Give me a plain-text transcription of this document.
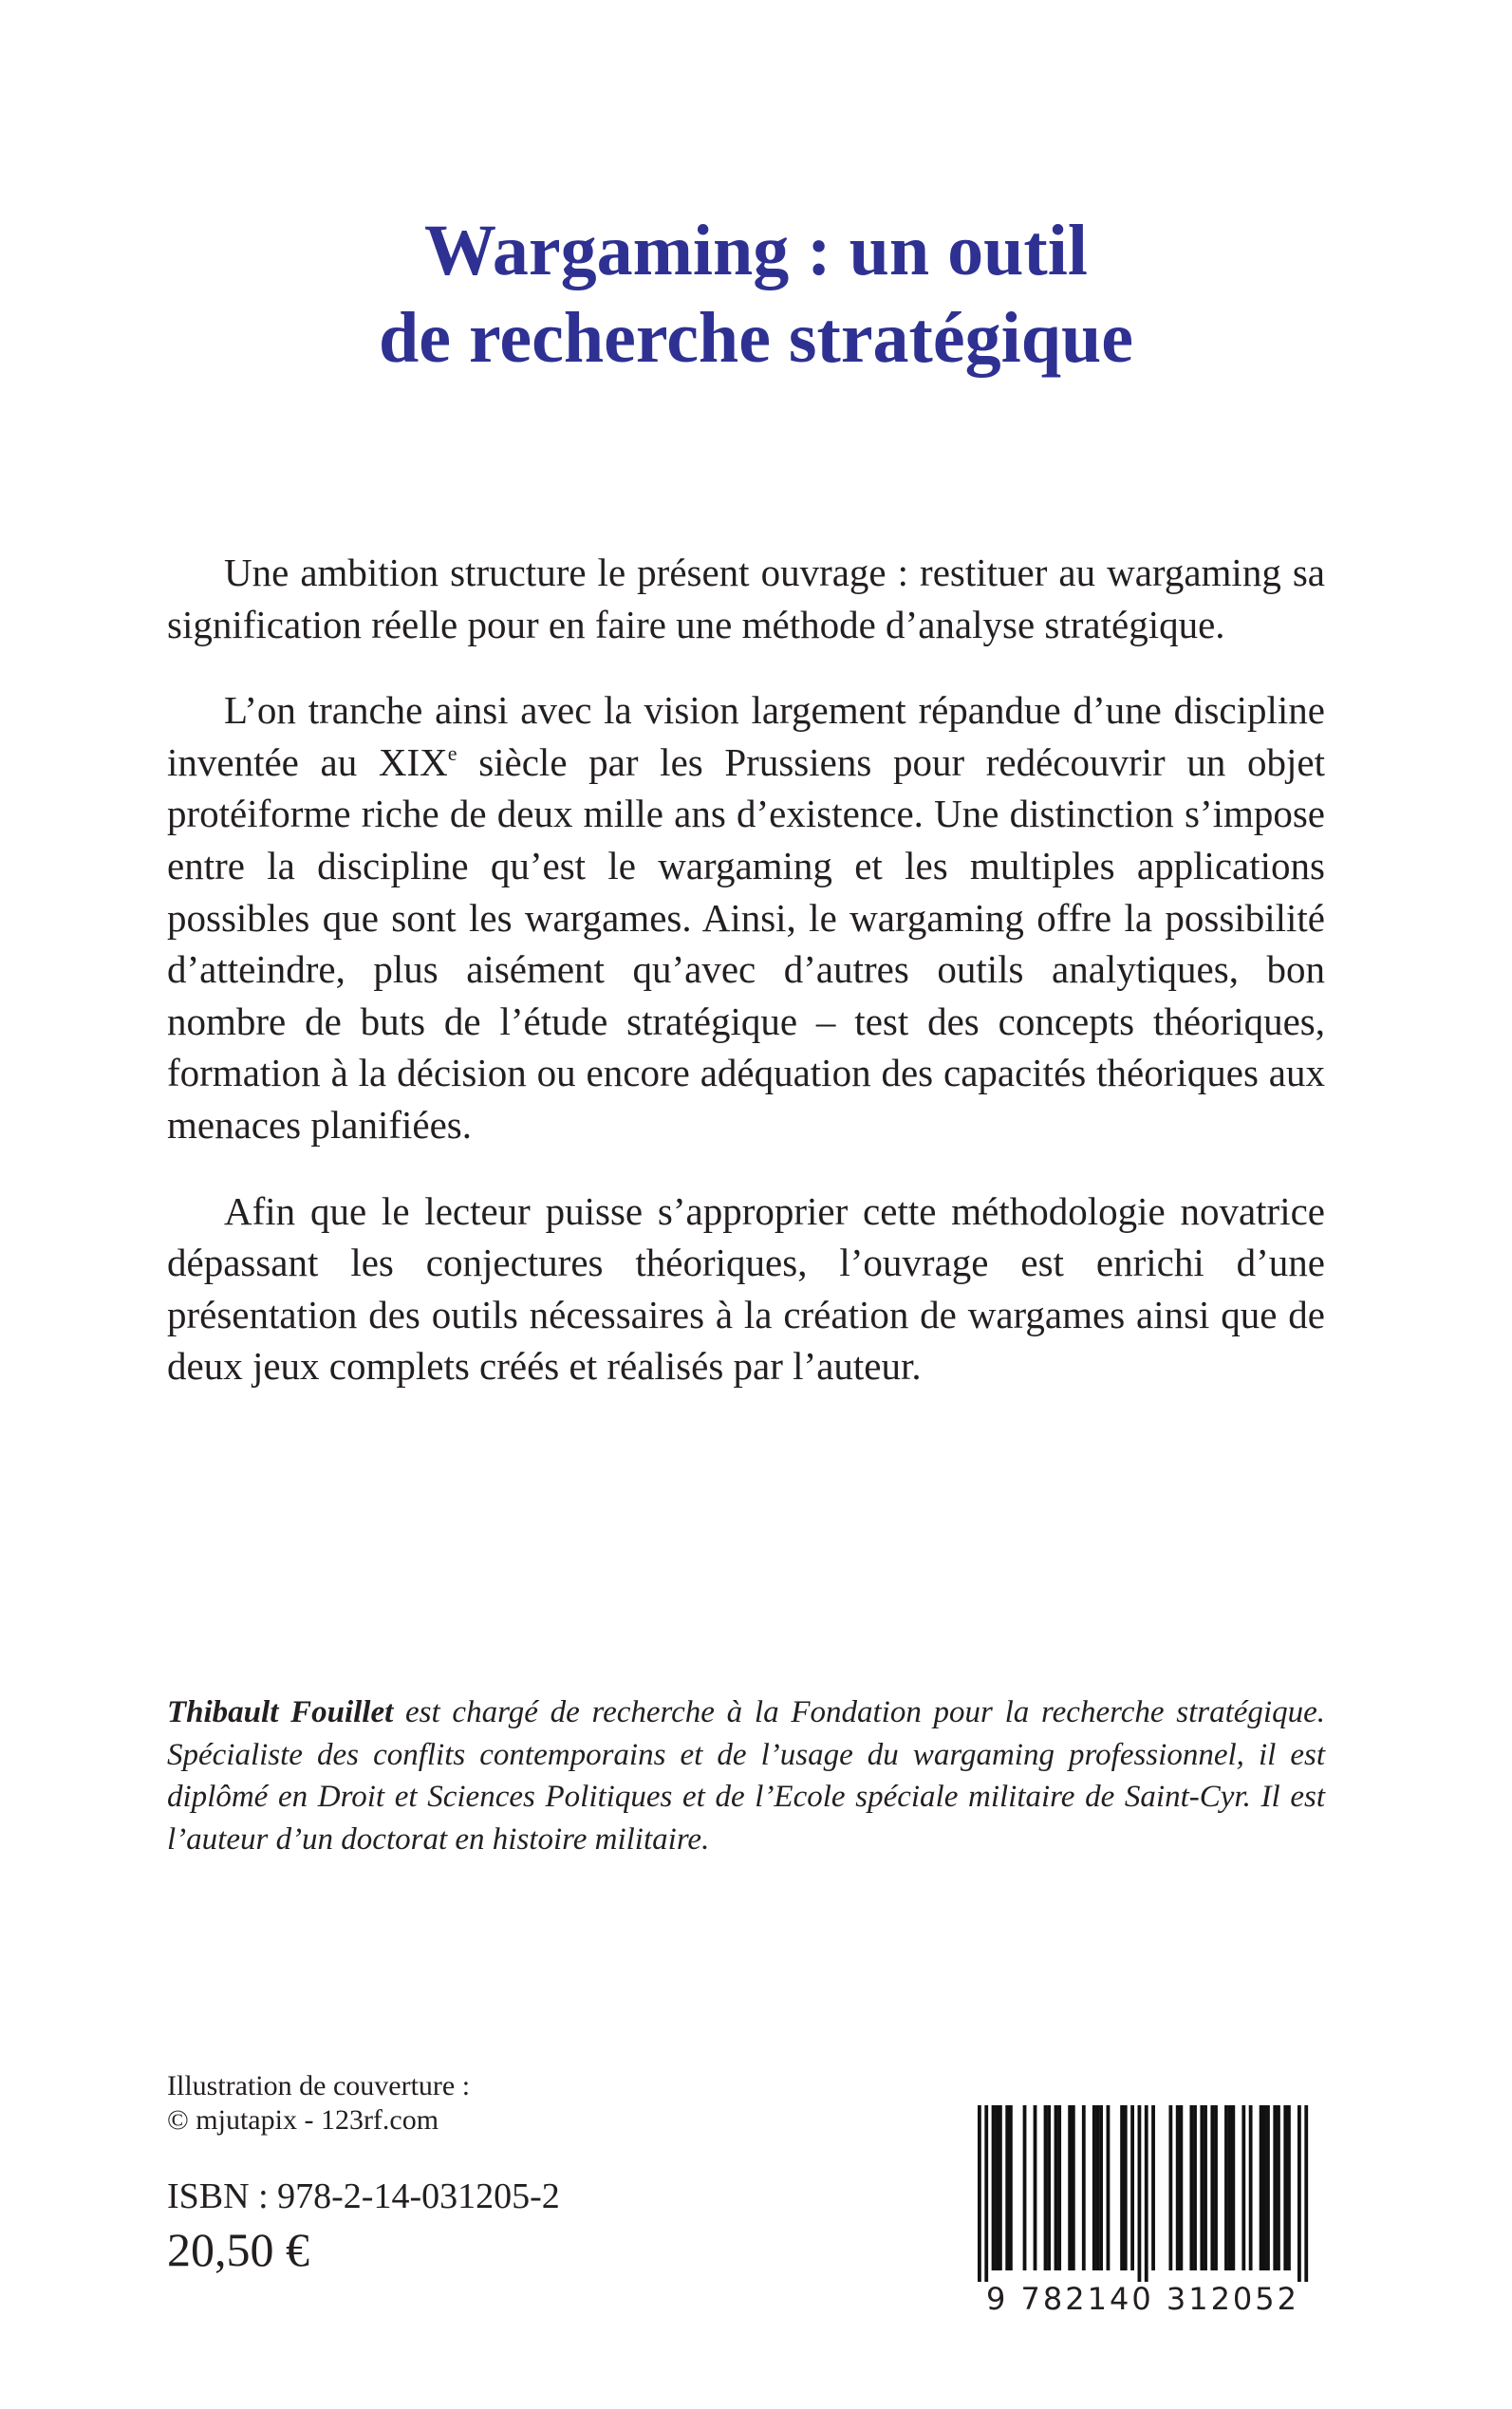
Wargaming : un outil
de recherche stratégique

Une ambition structure le présent ouvrage : restituer au wargaming sa signification réelle pour en faire une méthode d’analyse stratégique.

L’on tranche ainsi avec la vision largement répandue d’une discipline inventée au XIXe siècle par les Prussiens pour redécouvrir un objet protéiforme riche de deux mille ans d’existence. Une distinction s’impose entre la discipline qu’est le wargaming et les multiples applications possibles que sont les wargames. Ainsi, le wargaming offre la possibilité d’atteindre, plus aisément qu’avec d’autres outils analytiques, bon nombre de buts de l’étude stratégique – test des concepts théoriques, formation à la décision ou encore adéquation des capacités théoriques aux menaces planifiées.

Afin que le lecteur puisse s’approprier cette méthodologie novatrice dépassant les conjectures théoriques, l’ouvrage est enrichi d’une présentation des outils nécessaires à la création de wargames ainsi que de deux jeux complets créés et réalisés par l’auteur.

Thibault Fouillet est chargé de recherche à la Fondation pour la recherche stratégique. Spécialiste des conflits contemporains et de l’usage du wargaming professionnel, il est diplômé en Droit et Sciences Politiques et de l’Ecole spéciale militaire de Saint-Cyr. Il est l’auteur d’un doctorat en histoire militaire.

Illustration de couverture :
© mjutapix - 123rf.com
ISBN : 978-2-14-031205-2
20,50 €
9 782140 312052
